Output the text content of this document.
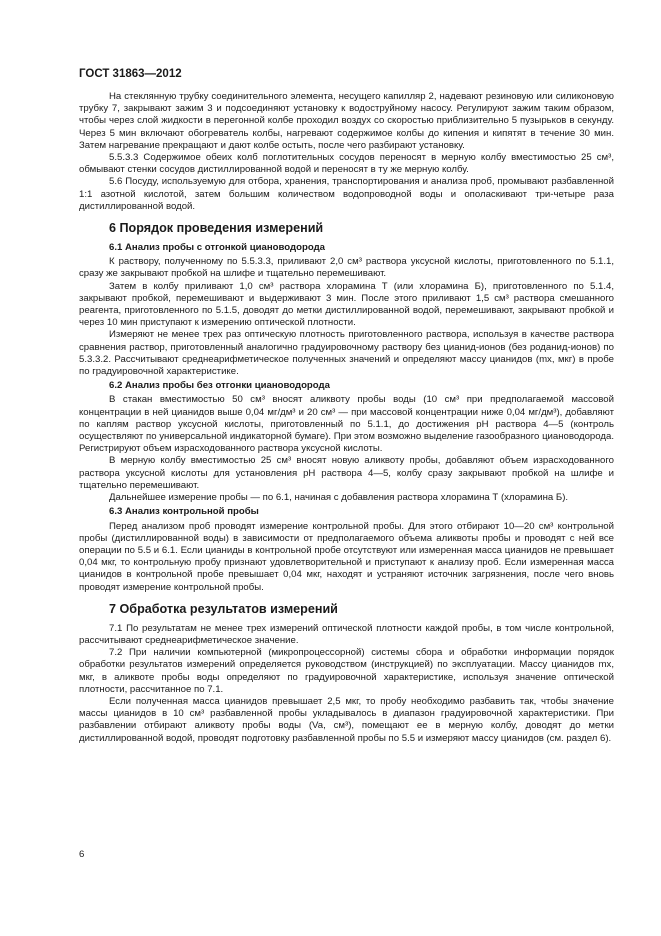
ГОСТ 31863—2012

На стеклянную трубку соединительного элемента, несущего капилляр 2, надевают резиновую или силиконовую трубку 7, закрывают зажим 3 и подсоединяют установку к водоструйному насосу. Регулируют зажим таким образом, чтобы через слой жидкости в перегонной колбе проходил воздух со скоростью приблизительно 5 пузырьков в секунду. Через 5 мин включают обогреватель колбы, нагревают содержимое колбы до кипения и кипятят в течение 30 мин. Затем нагревание прекращают и дают колбе остыть, после чего разбирают установку.

5.5.3.3 Содержимое обеих колб поглотительных сосудов переносят в мерную колбу вместимостью 25 см³, обмывают стенки сосудов дистиллированной водой и переносят в ту же мерную колбу.

5.6 Посуду, используемую для отбора, хранения, транспортирования и анализа проб, промывают разбавленной 1:1 азотной кислотой, затем большим количеством водопроводной воды и ополаскивают три-четыре раза дистиллированной водой.

6 Порядок проведения измерений
6.1 Анализ пробы с отгонкой циановодорода

К раствору, полученному по 5.5.3.3, приливают 2,0 см³ раствора уксусной кислоты, приготовленного по 5.1.1, сразу же закрывают пробкой на шлифе и тщательно перемешивают.

Затем в колбу приливают 1,0 см³ раствора хлорамина Т (или хлорамина Б), приготовленного по 5.1.4, закрывают пробкой, перемешивают и выдерживают 3 мин. После этого приливают 1,5 см³ раствора смешанного реагента, приготовленного по 5.1.5, доводят до метки дистиллированной водой, перемешивают, закрывают пробкой и через 10 мин приступают к измерению оптической плотности.

Измеряют не менее трех раз оптическую плотность приготовленного раствора, используя в качестве раствора сравнения раствор, приготовленный аналогично градуировочному раствору без цианид-ионов (без роданид-ионов) по 5.3.3.2. Рассчитывают среднеарифметическое полученных значений и определяют массу цианидов (mx, мкг) в пробе по градуировочной характеристике.

6.2 Анализ пробы без отгонки циановодорода

В стакан вместимостью 50 см³ вносят аликвоту пробы воды (10 см³ при предполагаемой массовой концентрации в ней цианидов выше 0,04 мг/дм³ и 20 см³ — при массовой концентрации ниже 0,04 мг/дм³), добавляют по каплям раствор уксусной кислоты, приготовленный по 5.1.1, до достижения pH раствора 4—5 (контроль осуществляют по универсальной индикаторной бумаге). При этом возможно выделение газообразного циановодорода. Регистрируют объем израсходованного раствора уксусной кислоты.

В мерную колбу вместимостью 25 см³ вносят новую аликвоту пробы, добавляют объем израсходованного раствора уксусной кислоты для установления pH раствора 4—5, колбу сразу закрывают пробкой на шлифе и тщательно перемешивают.

Дальнейшее измерение пробы — по 6.1, начиная с добавления раствора хлорамина Т (хлорамина Б).

6.3 Анализ контрольной пробы

Перед анализом проб проводят измерение контрольной пробы. Для этого отбирают 10—20 см³ контрольной пробы (дистиллированной воды) в зависимости от предполагаемого объема аликвоты пробы и проводят с ней все операции по 5.5 и 6.1. Если цианиды в контрольной пробе отсутствуют или измеренная масса цианидов не превышает 0,04 мкг, то контрольную пробу признают удовлетворительной и приступают к анализу проб. Если измеренная масса цианидов в контрольной пробе превышает 0,04 мкг, находят и устраняют источник загрязнения, после чего вновь проводят измерение контрольной пробы.

7 Обработка результатов измерений

7.1 По результатам не менее трех измерений оптической плотности каждой пробы, в том числе контрольной, рассчитывают среднеарифметическое значение.

7.2 При наличии компьютерной (микропроцессорной) системы сбора и обработки информации порядок обработки результатов измерений определяется руководством (инструкцией) по эксплуатации. Массу цианидов mx, мкг, в аликвоте пробы воды определяют по градуировочной характеристике, используя значение оптической плотности, рассчитанное по 7.1.

Если полученная масса цианидов превышает 2,5 мкг, то пробу необходимо разбавить так, чтобы значение массы цианидов в 10 см³ разбавленной пробы укладывалось в диапазон градуировочной характеристики. При разбавлении отбирают аликвоту пробы воды (Va, см³), помещают ее в мерную колбу, доводят до метки дистиллированной водой, проводят подготовку разбавленной пробы по 5.5 и измеряют массу цианидов (см. раздел 6).

6
